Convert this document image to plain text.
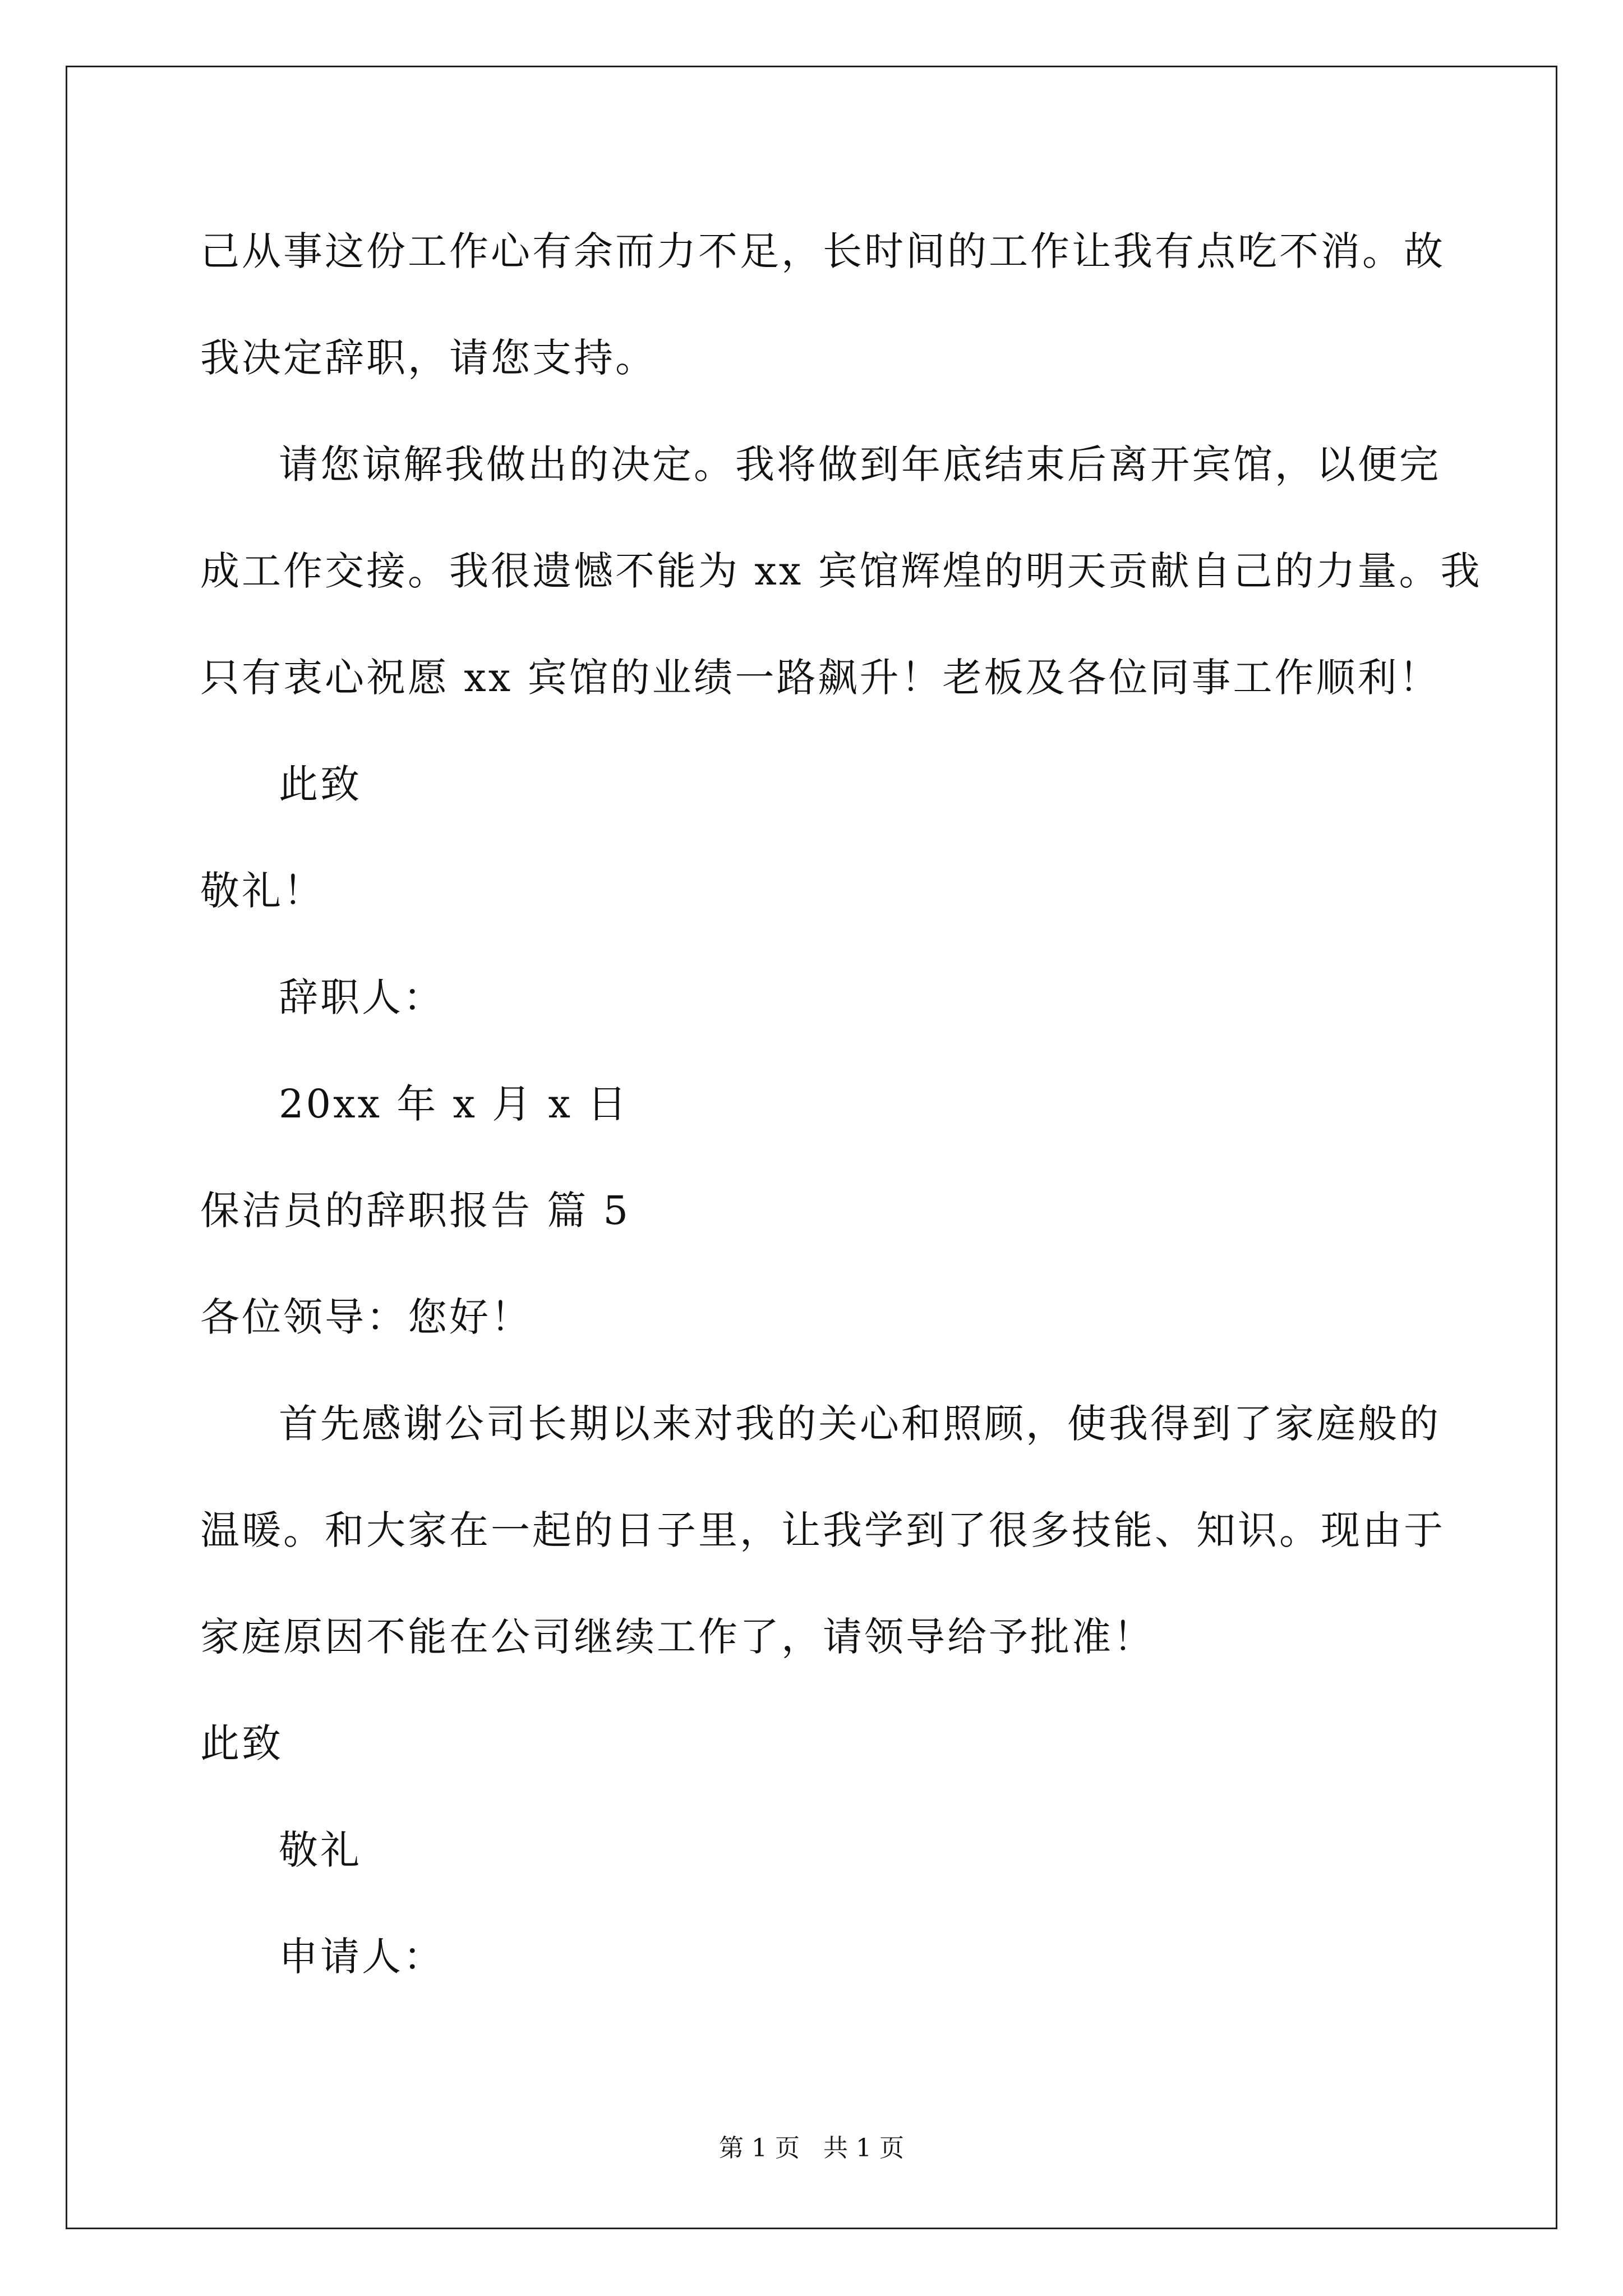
己从事这份工作心有余而力不足，长时间的工作让我有点吃不消。故
我决定辞职，请您支持。
请您谅解我做出的决定。我将做到年底结束后离开宾馆，以便完
成工作交接。我很遗憾不能为 xx 宾馆辉煌的明天贡献自己的力量。我
只有衷心祝愿 xx 宾馆的业绩一路飙升！老板及各位同事工作顺利！
此致
敬礼！
辞职人：
20xx 年 x 月 x 日
保洁员的辞职报告 篇 5
各位领导：您好！
首先感谢公司长期以来对我的关心和照顾，使我得到了家庭般的
温暖。和大家在一起的日子里，让我学到了很多技能、知识。现由于
家庭原因不能在公司继续工作了，请领导给予批准！
此致
敬礼
申请人：
第 1 页   共 1 页
